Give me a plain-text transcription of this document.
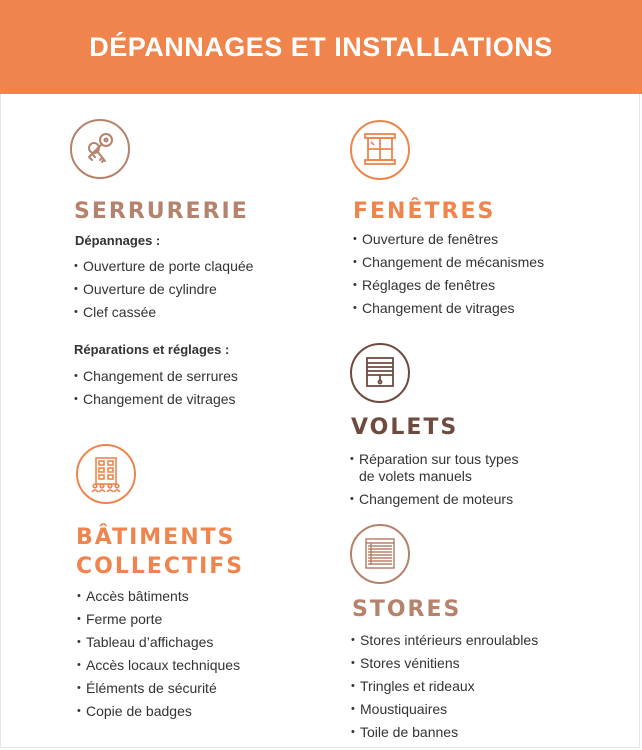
DÉPANNAGES ET INSTALLATIONS
SERRURERIE
Dépannages :
• Ouverture de porte claquée
• Ouverture de cylindre
• Clef cassée
Réparations et réglages :
• Changement de serrures
• Changement de vitrages
BÂTIMENTS
COLLECTIFS
• Accès bâtiments
• Ferme porte
• Tableau d’affichages
• Accès locaux techniques
• Éléments de sécurité
• Copie de badges
FENÊTRES
• Ouverture de fenêtres
• Changement de mécanismes
• Réglages de fenêtres
• Changement de vitrages
VOLETS
• Réparation sur tous types
de volets manuels
• Changement de moteurs
STORES
• Stores intérieurs enroulables
• Stores vénitiens
• Tringles et rideaux
• Moustiquaires
• Toile de bannes
